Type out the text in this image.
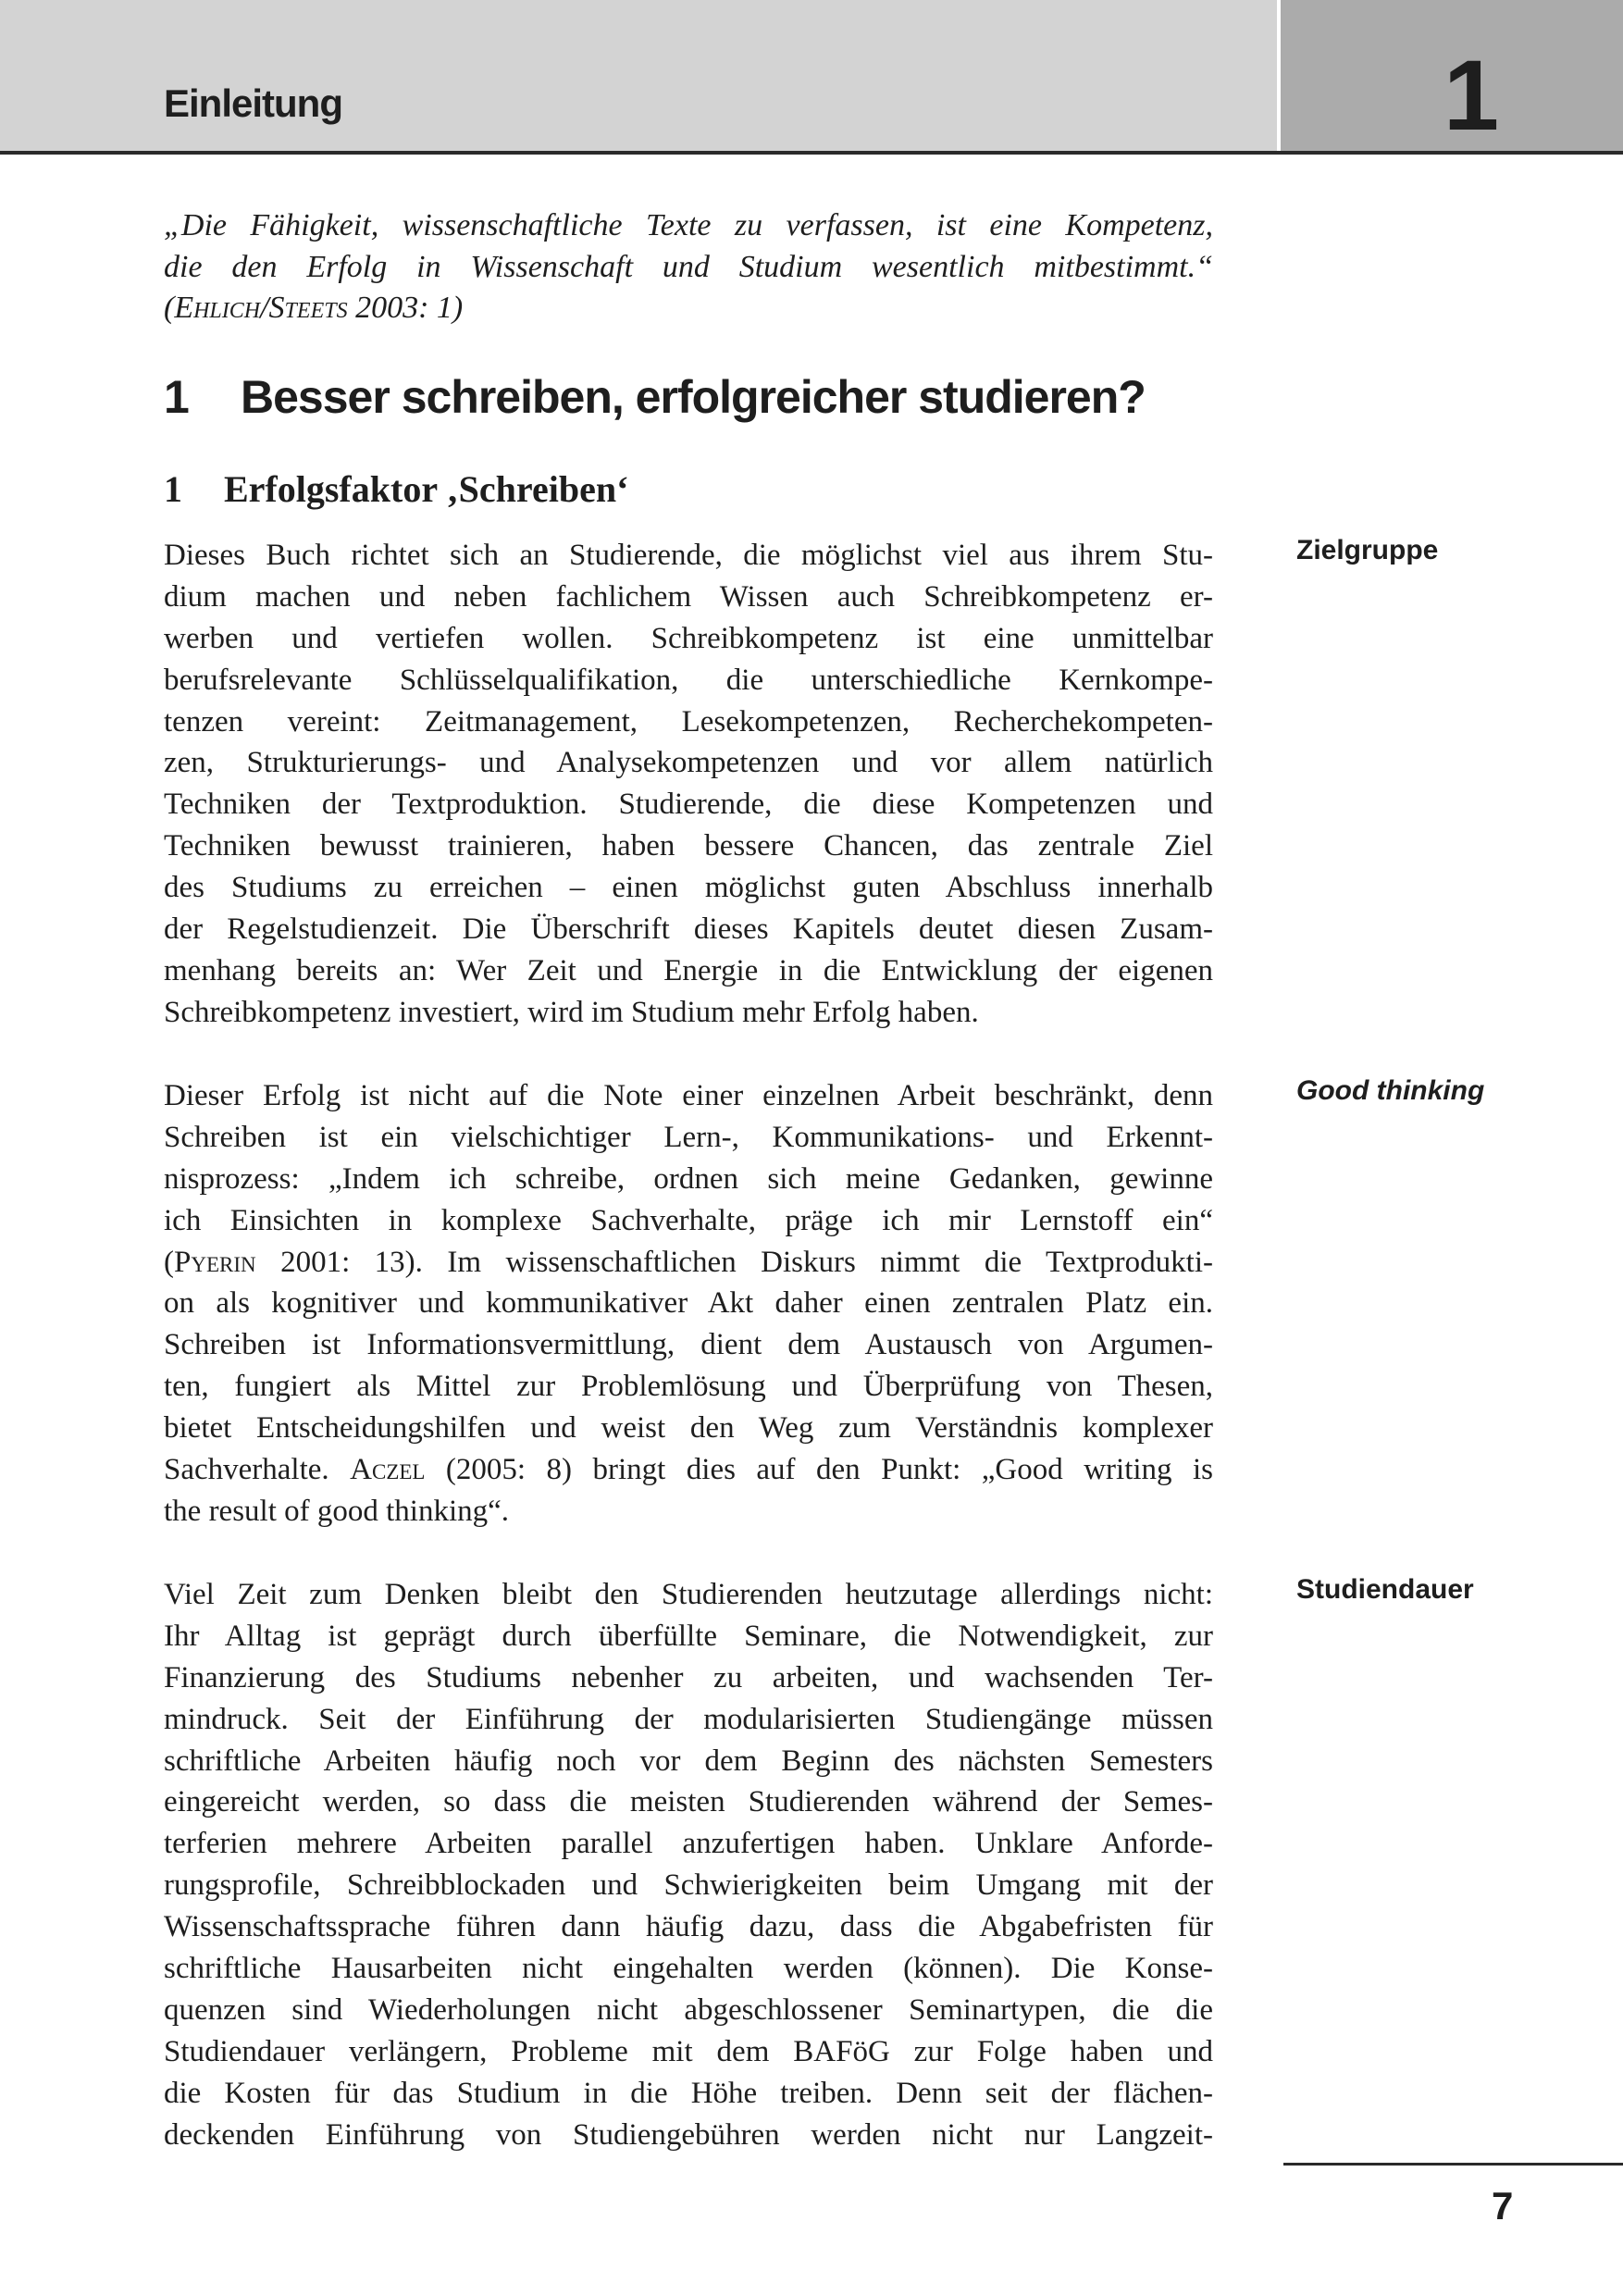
Einleitung	1
„Die Fähigkeit, wissenschaftliche Texte zu verfassen, ist eine Kompetenz,
die den Erfolg in Wissenschaft und Studium wesentlich mitbestimmt.“
(Ehlich/Steets 2003: 1)
1 Besser schreiben, erfolgreicher studieren?
1 Erfolgsfaktor ‚Schreiben‘
Zielgruppe
Good thinking
Studiendauer
Dieses Buch richtet sich an Studierende, die möglichst viel aus ihrem Stu-
dium machen und neben fachlichem Wissen auch Schreibkompetenz er-
werben und vertiefen wollen. Schreibkompetenz ist eine unmittelbar
berufsrelevante Schlüsselqualifikation, die unterschiedliche Kernkompe-
tenzen vereint: Zeitmanagement, Lesekompetenzen, Recherchekompeten-
zen, Strukturierungs- und Analysekompetenzen und vor allem natürlich
Techniken der Textproduktion. Studierende, die diese Kompetenzen und
Techniken bewusst trainieren, haben bessere Chancen, das zentrale Ziel
des Studiums zu erreichen – einen möglichst guten Abschluss innerhalb
der Regelstudienzeit. Die Überschrift dieses Kapitels deutet diesen Zusam-
menhang bereits an: Wer Zeit und Energie in die Entwicklung der eigenen
Schreibkompetenz investiert, wird im Studium mehr Erfolg haben.
Dieser Erfolg ist nicht auf die Note einer einzelnen Arbeit beschränkt, denn
Schreiben ist ein vielschichtiger Lern-, Kommunikations- und Erkennt-
nisprozess: „Indem ich schreibe, ordnen sich meine Gedanken, gewinne
ich Einsichten in komplexe Sachverhalte, präge ich mir Lernstoff ein“
(Pyerin 2001: 13). Im wissenschaftlichen Diskurs nimmt die Textprodukti-
on als kognitiver und kommunikativer Akt daher einen zentralen Platz ein.
Schreiben ist Informationsvermittlung, dient dem Austausch von Argumen-
ten, fungiert als Mittel zur Problemlösung und Überprüfung von Thesen,
bietet Entscheidungshilfen und weist den Weg zum Verständnis komplexer
Sachverhalte. Aczel (2005: 8) bringt dies auf den Punkt: „Good writing is
the result of good thinking“.
Viel Zeit zum Denken bleibt den Studierenden heutzutage allerdings nicht:
Ihr Alltag ist geprägt durch überfüllte Seminare, die Notwendigkeit, zur
Finanzierung des Studiums nebenher zu arbeiten, und wachsenden Ter-
mindruck. Seit der Einführung der modularisierten Studiengänge müssen
schriftliche Arbeiten häufig noch vor dem Beginn des nächsten Semesters
eingereicht werden, so dass die meisten Studierenden während der Semes-
terferien mehrere Arbeiten parallel anzufertigen haben. Unklare Anforde-
rungsprofile, Schreibblockaden und Schwierigkeiten beim Umgang mit der
Wissenschaftssprache führen dann häufig dazu, dass die Abgabefristen für
schriftliche Hausarbeiten nicht eingehalten werden (können). Die Konse-
quenzen sind Wiederholungen nicht abgeschlossener Seminartypen, die die
Studiendauer verlängern, Probleme mit dem BAFöG zur Folge haben und
die Kosten für das Studium in die Höhe treiben. Denn seit der flächen-
deckenden Einführung von Studiengebühren werden nicht nur Langzeit-
7
